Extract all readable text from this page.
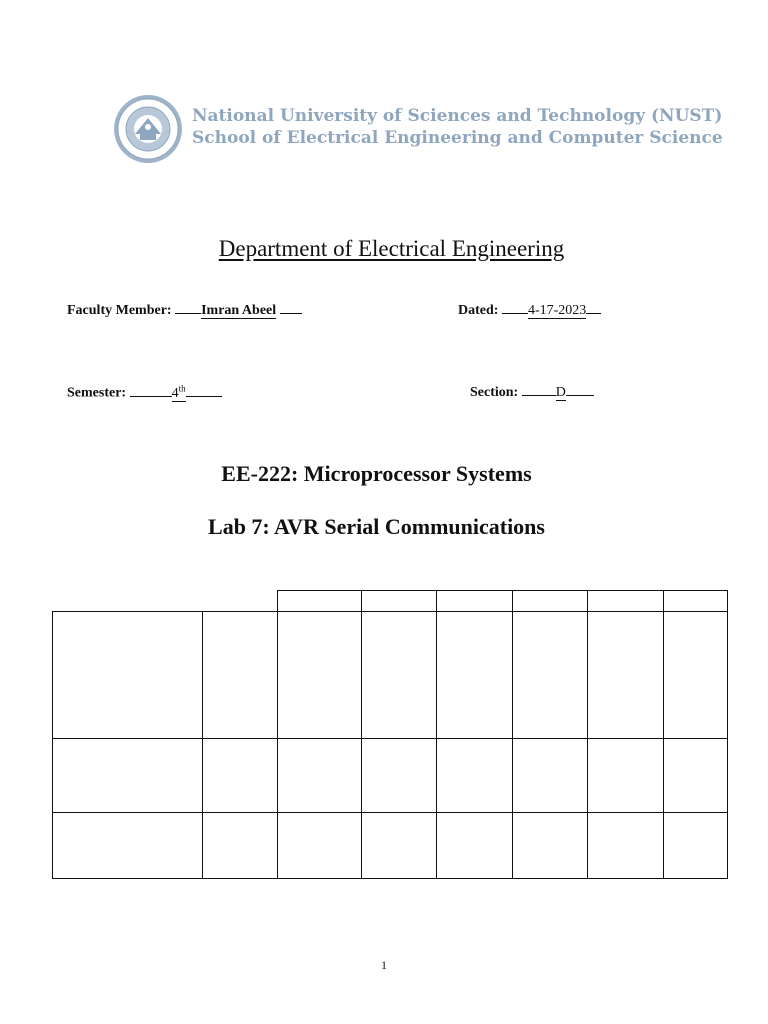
National University of Sciences and Technology (NUST)
School of Electrical Engineering and Computer Science
Department of Electrical Engineering
Faculty Member: Imran Abeel	Dated: 4-17-2023
Semester:	4th	Section:	D
EE-222: Microprocessor Systems
Lab 7: AVR Serial Communications
1
